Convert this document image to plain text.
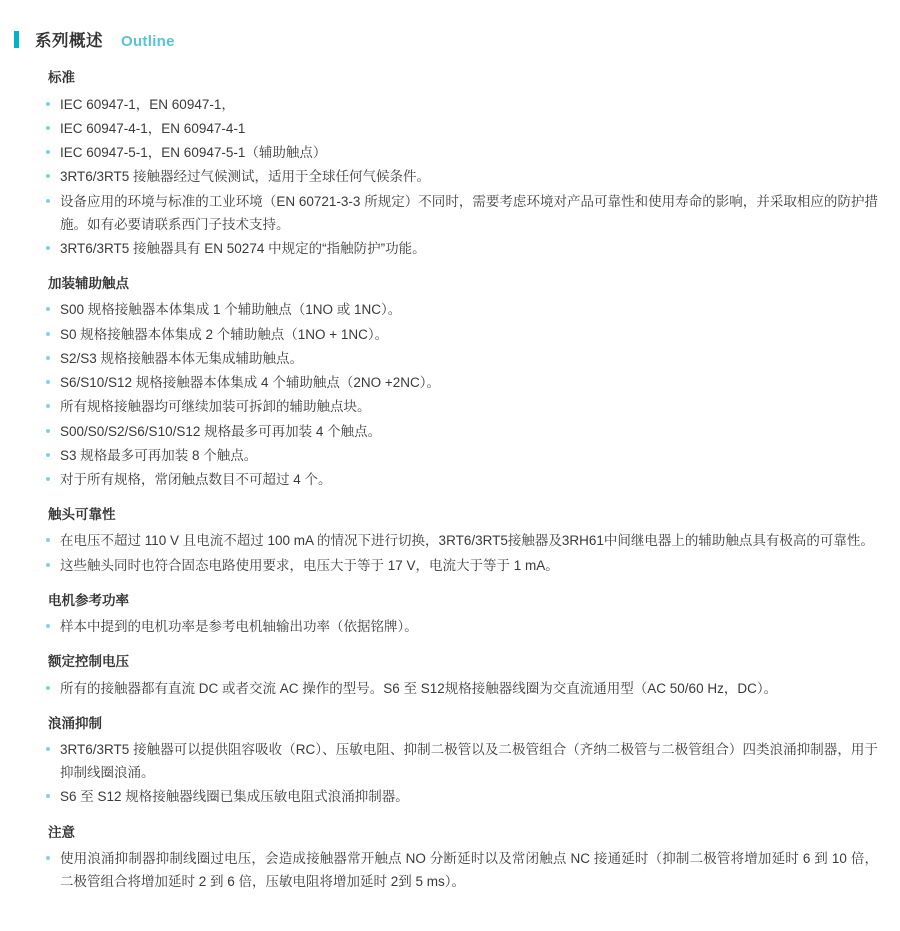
系列概述 Outline
标准
IEC 60947-1，EN 60947-1，
IEC 60947-4-1，EN 60947-4-1
IEC 60947-5-1，EN 60947-5-1（辅助触点）
3RT6/3RT5 接触器经过气候测试，适用于全球任何气候条件。
设备应用的环境与标准的工业环境（EN 60721-3-3 所规定）不同时，需要考虑环境对产品可靠性和使用寿命的影响，并采取相应的防护措施。如有必要请联系西门子技术支持。
3RT6/3RT5 接触器具有 EN 50274 中规定的“指触防护”功能。
加装辅助触点
S00 规格接触器本体集成 1 个辅助触点（1NO 或 1NC）。
S0 规格接触器本体集成 2 个辅助触点（1NO + 1NC）。
S2/S3 规格接触器本体无集成辅助触点。
S6/S10/S12 规格接触器本体集成 4 个辅助触点（2NO +2NC）。
所有规格接触器均可继续加装可拆卸的辅助触点块。
S00/S0/S2/S6/S10/S12 规格最多可再加装 4 个触点。
S3 规格最多可再加装 8 个触点。
对于所有规格，常闭触点数目不可超过 4 个。
触头可靠性
在电压不超过 110 V 且电流不超过 100 mA 的情况下进行切换，3RT6/3RT5接触器及3RH61中间继电器上的辅助触点具有极高的可靠性。
这些触头同时也符合固态电路使用要求，电压大于等于 17 V，电流大于等于 1 mA。
电机参考功率
样本中提到的电机功率是参考电机轴输出功率（依据铭牌）。
额定控制电压
所有的接触器都有直流 DC 或者交流 AC 操作的型号。S6 至 S12规格接触器线圈为交直流通用型（AC 50/60 Hz，DC）。
浪涌抑制
3RT6/3RT5 接触器可以提供阻容吸收（RC）、压敏电阻、抑制二极管以及二极管组合（齐纳二极管与二极管组合）四类浪涌抑制器，用于抑制线圈浪涌。
S6 至 S12 规格接触器线圈已集成压敏电阻式浪涌抑制器。
注意
使用浪涌抑制器抑制线圈过电压，会造成接触器常开触点 NO 分断延时以及常闭触点 NC 接通延时（抑制二极管将增加延时 6 到 10 倍，二极管组合将增加延时 2 到 6 倍，压敏电阻将增加延时 2到 5 ms）。
